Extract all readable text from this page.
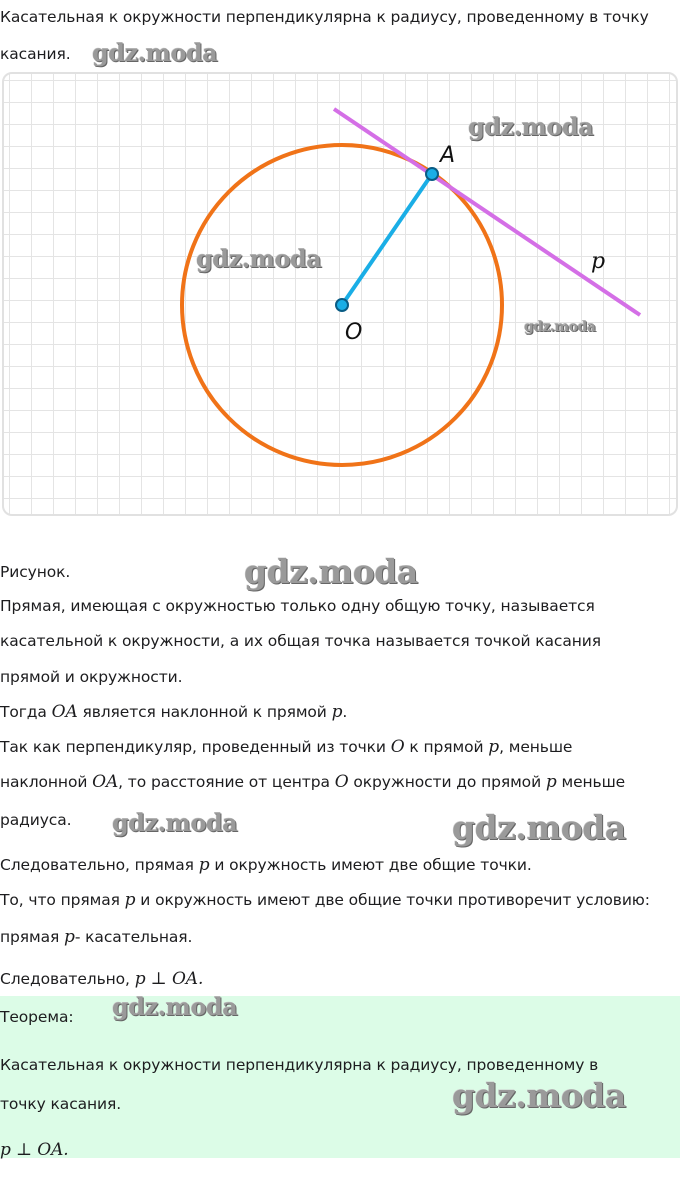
Касательная к окружности перпендикулярна к радиусу, проведенному в точку
касания. gdz.moda
A
O
p
gdz.moda
gdz.moda
gdz.moda
Рисунок.	gdz.moda
Прямая, имеющая с окружностью только одну общую точку, называется
касательной к окружности, а их общая точка называется точкой касания
прямой и окружности.
Тогда OA является наклонной к прямой p.
Так как перпендикуляр, проведенный из точки O к прямой p, меньше
наклонной OA, то расстояние от центра O окружности до прямой p меньше
радиуса. gdz.moda	gdz.moda
Следовательно, прямая p и окружность имеют две общие точки.
То, что прямая p и окружность имеют две общие точки противоречит условию:
прямая p- касательная.
Следовательно, p ⊥ OA.
Теорема: gdz.moda
Касательная к окружности перпендикулярна к радиусу, проведенному в
точку касания.	gdz.moda
p ⊥ OA.
